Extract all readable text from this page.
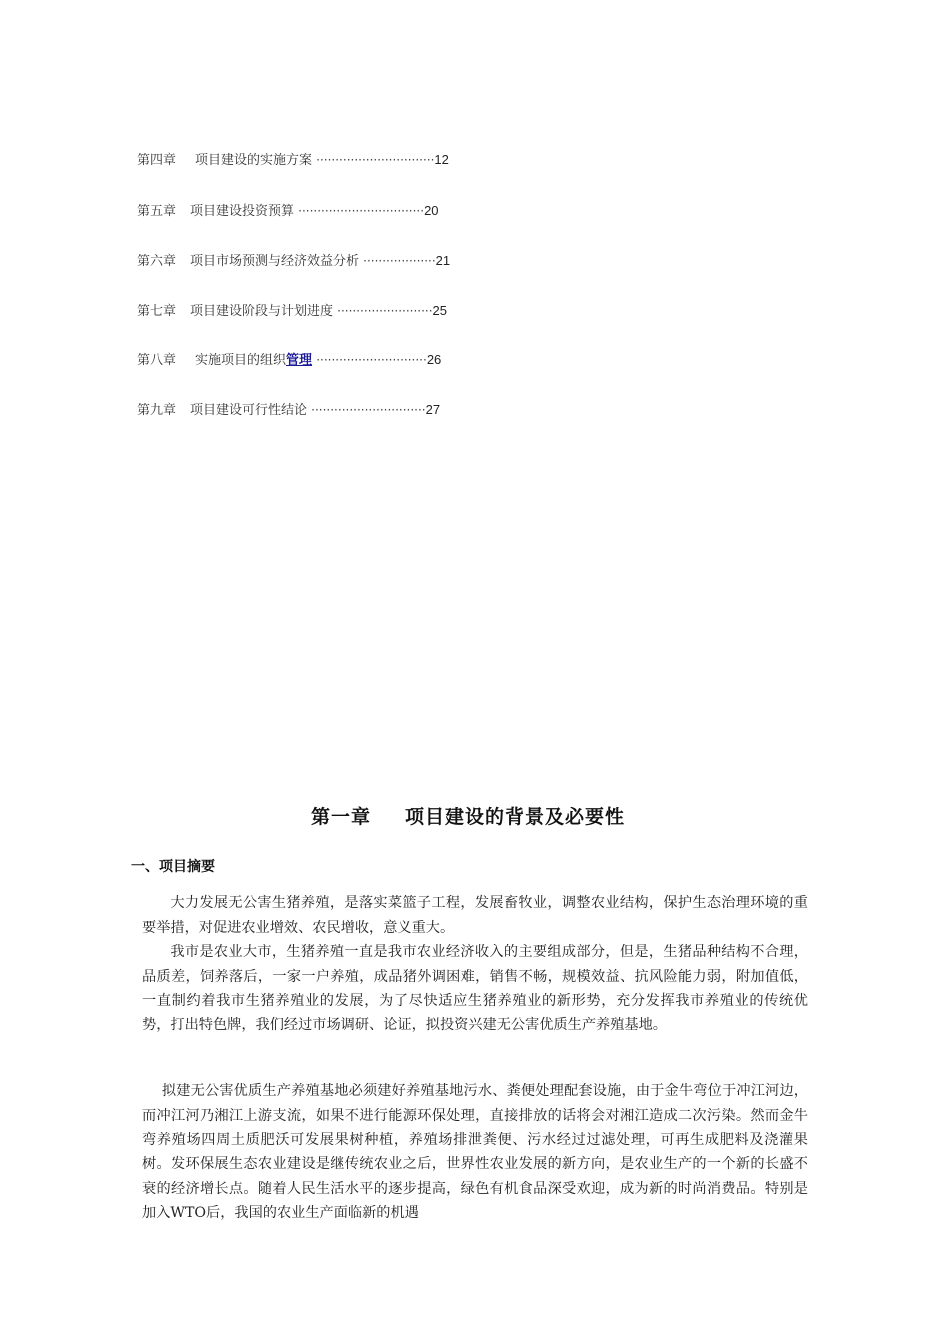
第四章 项目建设的实施方案 ·······························12
第五章 项目建设投资预算 ·································20
第六章 项目市场预测与经济效益分析 ···················21
第七章 项目建设阶段与计划进度 ·························25
第八章 实施项目的组织管理 ·····························26
第九章 项目建设可行性结论 ······························27
第一章 项目建设的背景及必要性
一、项目摘要

大力发展无公害生猪养殖，是落实菜篮子工程，发展畜牧业，调整农业结构，保护生态治理环境的重要举措，对促进农业增效、农民增收，意义重大。

我市是农业大市，生猪养殖一直是我市农业经济收入的主要组成部分，但是，生猪品种结构不合理，品质差，饲养落后，一家一户养殖，成品猪外调困难，销售不畅，规模效益、抗风险能力弱，附加值低，一直制约着我市生猪养殖业的发展，为了尽快适应生猪养殖业的新形势，充分发挥我市养殖业的传统优势，打出特色牌，我们经过市场调研、论证，拟投资兴建无公害优质生产养殖基地。

拟建无公害优质生产养殖基地必须建好养殖基地污水、粪便处理配套设施，由于金牛弯位于冲江河边，而冲江河乃湘江上游支流，如果不进行能源环保处理，直接排放的话将会对湘江造成二次污染。然而金牛弯养殖场四周土质肥沃可发展果树种植，养殖场排泄粪便、污水经过过滤处理，可再生成肥料及浇灌果树。发环保展生态农业建设是继传统农业之后，世界性农业发展的新方向，是农业生产的一个新的长盛不衰的经济增长点。随着人民生活水平的逐步提高，绿色有机食品深受欢迎，成为新的时尚消费品。特别是加入WTO后，我国的农业生产面临新的机遇
